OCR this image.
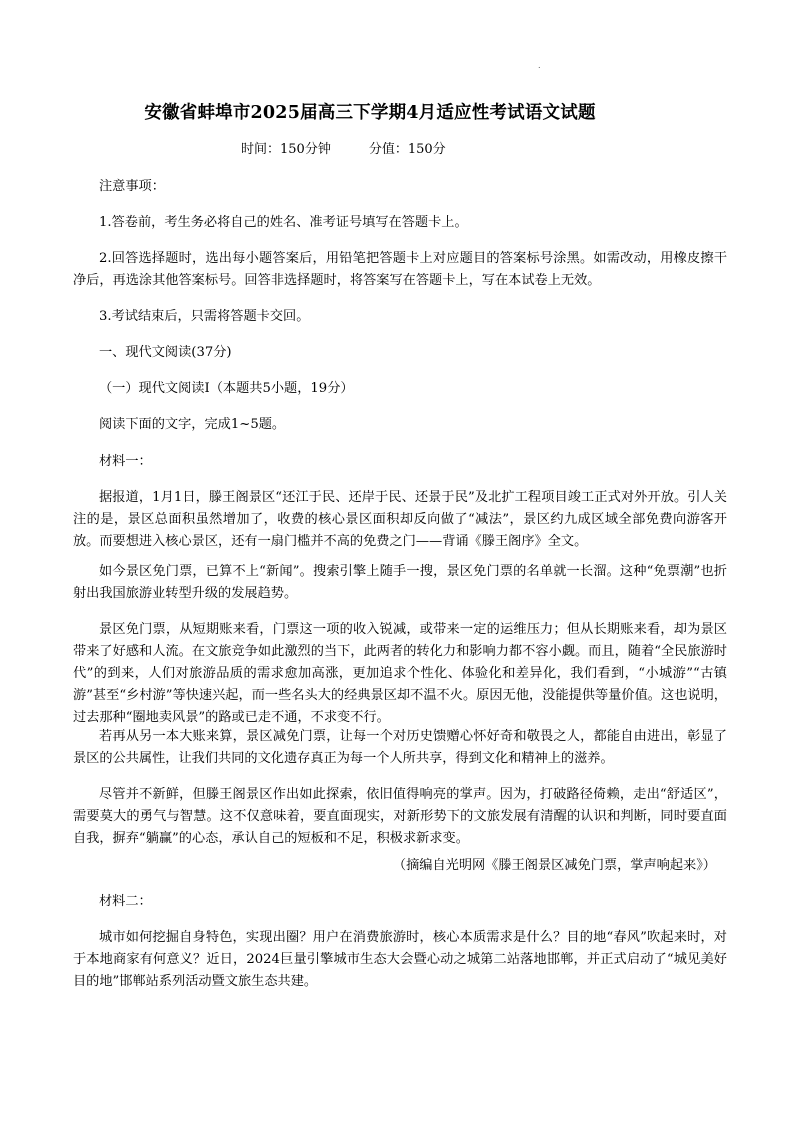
.
安徽省蚌埠市2025届高三下学期4月适应性考试语文试题
时间：150分钟	分值：150分
注意事项：
1.答卷前，考生务必将自己的姓名、准考证号填写在答题卡上。
2.回答选择题时，选出每小题答案后，用铅笔把答题卡上对应题目的答案标号涂黑。如需改动，用橡皮擦干净后，再选涂其他答案标号。回答非选择题时，将答案写在答题卡上，写在本试卷上无效。
3.考试结束后，只需将答题卡交回。
一、现代文阅读(37分)
（一）现代文阅读Ⅰ（本题共5小题，19分）
阅读下面的文字，完成1~5题。
材料一：
据报道，1月1日，滕王阁景区“还江于民、还岸于民、还景于民”及北扩工程项目竣工正式对外开放。引人关注的是，景区总面积虽然增加了，收费的核心景区面积却反向做了“减法”，景区约九成区域全部免费向游客开放。而要想进入核心景区，还有一扇门槛并不高的免费之门——背诵《滕王阁序》全文。
如今景区免门票，已算不上“新闻”。搜索引擎上随手一搜，景区免门票的名单就一长溜。这种“免票潮”也折射出我国旅游业转型升级的发展趋势。
景区免门票，从短期账来看，门票这一项的收入锐减，或带来一定的运维压力；但从长期账来看，却为景区带来了好感和人流。在文旅竞争如此激烈的当下，此两者的转化力和影响力都不容小觑。而且，随着“全民旅游时代”的到来，人们对旅游品质的需求愈加高涨，更加追求个性化、体验化和差异化，我们看到，“小城游”“古镇游”甚至“乡村游”等快速兴起，而一些名头大的经典景区却不温不火。原因无他，没能提供等量价值。这也说明，过去那种“圈地卖风景”的路或已走不通，不求变不行。
若再从另一本大账来算，景区减免门票，让每一个对历史馈赠心怀好奇和敬畏之人，都能自由进出，彰显了景区的公共属性，让我们共同的文化遗存真正为每一个人所共享，得到文化和精神上的滋养。
尽管并不新鲜，但滕王阁景区作出如此探索，依旧值得响亮的掌声。因为，打破路径倚赖，走出“舒适区”，需要莫大的勇气与智慧。这不仅意味着，要直面现实，对新形势下的文旅发展有清醒的认识和判断，同时要直面自我，摒弃“躺赢”的心态，承认自己的短板和不足，积极求新求变。
（摘编自光明网《滕王阁景区减免门票，掌声响起来》）
材料二：
城市如何挖掘自身特色，实现出圈？用户在消费旅游时，核心本质需求是什么？目的地“春风”吹起来时，对于本地商家有何意义？近日，2024巨量引擎城市生态大会暨心动之城第二站落地邯郸，并正式启动了“城见美好目的地”邯郸站系列活动暨文旅生态共建。
